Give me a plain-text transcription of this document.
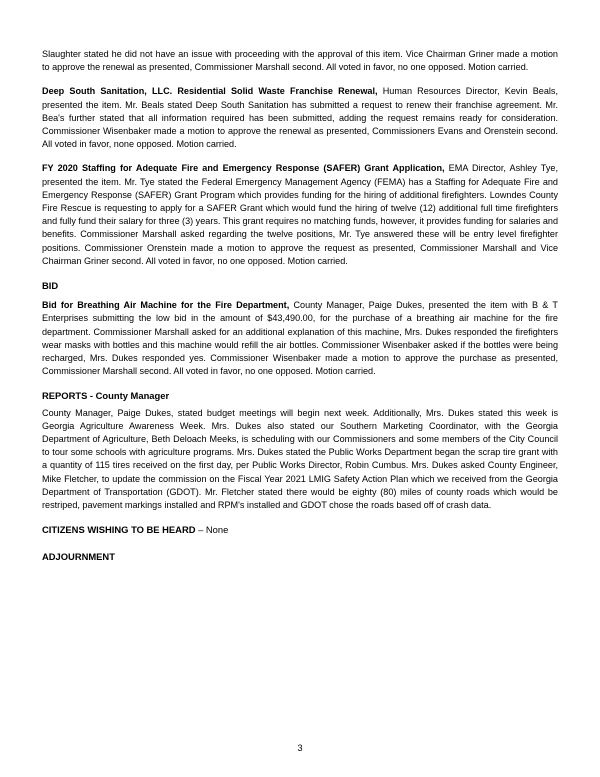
Slaughter stated he did not have an issue with proceeding with the approval of this item. Vice Chairman Griner made a motion to approve the renewal as presented, Commissioner Marshall second. All voted in favor, no one opposed. Motion carried.

Deep South Sanitation, LLC. Residential Solid Waste Franchise Renewal, Human Resources Director, Kevin Beals, presented the item. Mr. Beals stated Deep South Sanitation has submitted a request to renew their franchise agreement. Mr. Bea's further stated that all information required has been submitted, adding the request remains ready for consideration. Commissioner Wisenbaker made a motion to approve the renewal as presented, Commissioners Evans and Orenstein second. All voted in favor, none opposed. Motion carried.

FY 2020 Staffing for Adequate Fire and Emergency Response (SAFER) Grant Application, EMA Director, Ashley Tye, presented the item. Mr. Tye stated the Federal Emergency Management Agency (FEMA) has a Staffing for Adequate Fire and Emergency Response (SAFER) Grant Program which provides funding for the hiring of additional firefighters. Lowndes County Fire Rescue is requesting to apply for a SAFER Grant which would fund the hiring of twelve (12) additional full time firefighters and fully fund their salary for three (3) years. This grant requires no matching funds, however, it provides funding for salaries and benefits. Commissioner Marshall asked regarding the twelve positions, Mr. Tye answered these will be entry level firefighter positions. Commissioner Orenstein made a motion to approve the request as presented, Commissioner Marshall and Vice Chairman Griner second. All voted in favor, no one opposed. Motion carried.

BID

Bid for Breathing Air Machine for the Fire Department, County Manager, Paige Dukes, presented the item with B & T Enterprises submitting the low bid in the amount of $43,490.00, for the purchase of a breathing air machine for the fire department. Commissioner Marshall asked for an additional explanation of this machine, Mrs. Dukes responded the firefighters wear masks with bottles and this machine would refill the air bottles. Commissioner Wisenbaker asked if the bottles were being recharged, Mrs. Dukes responded yes. Commissioner Wisenbaker made a motion to approve the purchase as presented, Commissioner Marshall second. All voted in favor, no one opposed. Motion carried.

REPORTS - County Manager

County Manager, Paige Dukes, stated budget meetings will begin next week. Additionally, Mrs. Dukes stated this week is Georgia Agriculture Awareness Week. Mrs. Dukes also stated our Southern Marketing Coordinator, with the Georgia Department of Agriculture, Beth Deloach Meeks, is scheduling with our Commissioners and some members of the City Council to tour some schools with agriculture programs. Mrs. Dukes stated the Public Works Department began the scrap tire grant with a quantity of 115 tires received on the first day, per Public Works Director, Robin Cumbus. Mrs. Dukes asked County Engineer, Mike Fletcher, to update the commission on the Fiscal Year 2021 LMIG Safety Action Plan which we received from the Georgia Department of Transportation (GDOT). Mr. Fletcher stated there would be eighty (80) miles of county roads which would be restriped, pavement markings installed and RPM's installed and GDOT chose the roads based off of crash data.

CITIZENS WISHING TO BE HEARD – None
ADJOURNMENT
3
